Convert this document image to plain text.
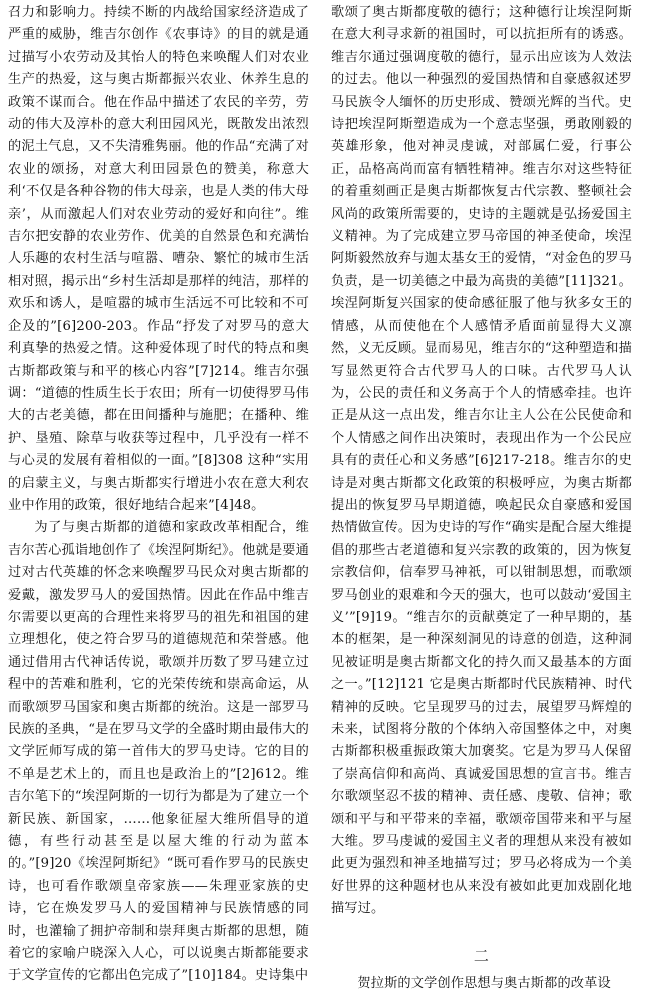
召力和影响力。持续不断的内战给国家经济造成了严重的威胁，维吉尔创作《农事诗》的目的就是通过描写小农劳动及其怡人的特色来唤醒人们对农业生产的热爱，这与奥古斯都振兴农业、休养生息的政策不谋而合。他在作品中描述了农民的辛劳，劳动的伟大及淳朴的意大利田园风光，既散发出浓烈的泥土气息，又不失清雅隽丽。他的作品“充满了对农业的颂扬，对意大利田园景色的赞美，称意大利‘不仅是各种谷物的伟大母亲，也是人类的伟大母亲’，从而激起人们对农业劳动的爱好和向往”。维吉尔把安静的农业劳作、优美的自然景色和充满怡人乐趣的农村生活与喧嚣、嘈杂、繁忙的城市生活相对照，揭示出“乡村生活却是那样的纯洁，那样的欢乐和诱人，是喧嚣的城市生活远不可比较和不可企及的”[6]200-203。作品“抒发了对罗马的意大利真挚的热爱之情。这种爱体现了时代的特点和奥古斯都政策与和平的核心内容”[7]214。维吉尔强调：“道德的性质生长于农田；所有一切使得罗马伟大的古老美德，都在田间播种与施肥；在播种、维护、垦殖、除草与收获等过程中，几乎没有一样不与心灵的发展有着相似的一面。”[8]308 这种“实用的启蒙主义，与奥古斯都实行增进小农在意大利农业中作用的政策，很好地结合起来”[4]48。

为了与奥古斯都的道德和家政改革相配合，维吉尔苦心孤诣地创作了《埃涅阿斯纪》。他就是要通过对古代英雄的怀念来唤醒罗马民众对奥古斯都的爱戴，激发罗马人的爱国热情。因此在作品中维吉尔需要以更高的合理性来将罗马的祖先和祖国的建立理想化，使之符合罗马的道德规范和荣誉感。他通过借用古代神话传说，歌颂并历数了罗马建立过程中的苦难和胜利，它的光荣传统和崇高命运，从而歌颂罗马国家和奥古斯都的统治。这是一部罗马民族的圣典，“是在罗马文学的全盛时期由最伟大的文学匠师写成的第一首伟大的罗马史诗。它的目的不单是艺术上的，而且也是政治上的”[2]612。维吉尔笔下的“埃涅阿斯的一切行为都是为了建立一个新民族、新国家，……他象征屋大维所倡导的道德，有些行动甚至是以屋大维的行动为蓝本的。”[9]20《埃涅阿斯纪》“既可看作罗马的民族史诗，也可看作歌颂皇帝家族——朱理亚家族的史诗，它在焕发罗马人的爱国精神与民族情感的同时，也灌输了拥护帝制和崇拜奥古斯都的思想，随着它的家喻户晓深入人心，可以说奥古斯都能要求于文学宣传的它都出色完成了”[10]184。史诗集中

歌颂了奥古斯都度敬的德行；这种德行让埃涅阿斯在意大利寻求新的祖国时，可以抗拒所有的诱惑。维吉尔通过强调度敬的德行，显示出应该为人效法的过去。他以一种强烈的爱国热情和自豪感叙述罗马民族令人缅怀的历史形成、赞颂光辉的当代。史诗把埃涅阿斯塑造成为一个意志坚强，勇敢刚毅的英雄形象，他对神灵虔诚，对部属仁爱，行事公正，品格高尚而富有牺牲精神。维吉尔对这些特征的着重刻画正是奥古斯都恢复古代宗教、整顿社会风尚的政策所需要的，史诗的主题就是弘扬爱国主义精神。为了完成建立罗马帝国的神圣使命，埃涅阿斯毅然放弃与迦太基女王的爱情，“对金色的罗马负责，是一切美德之中最为高贵的美德”[11]321。埃涅阿斯复兴国家的使命感征服了他与狄多女王的情感，从而使他在个人感情矛盾面前显得大义凛然，义无反顾。显而易见，维吉尔的“这种塑造和描写显然更符合古代罗马人的口味。古代罗马人认为，公民的责任和义务高于个人的情感牵挂。也许正是从这一点出发，维吉尔让主人公在公民使命和个人情感之间作出决策时，表现出作为一个公民应具有的责任心和义务感”[6]217-218。维吉尔的史诗是对奥古斯都文化政策的积极呼应，为奥古斯都提出的恢复罗马早期道德，唤起民众自豪感和爱国热情做宣传。因为史诗的写作“确实是配合屋大维提倡的那些古老道德和复兴宗教的政策的，因为恢复宗教信仰，信奉罗马神祇，可以钳制思想，而歌颂罗马创业的艰难和今天的强大，也可以鼓动‘爱国主义’”[9]19。“维吉尔的贡献奠定了一种早期的，基本的框架，是一种深刻洞见的诗意的创造，这种洞见被证明是奥古斯都文化的持久而又最基本的方面之一。”[12]121 它是奥古斯都时代民族精神、时代精神的反映。它呈现罗马的过去，展望罗马辉煌的未来，试图将分散的个体纳入帝国整体之中，对奥古斯都积极重振政策大加褒奖。它是为罗马人保留了崇高信仰和高尚、真诚爱国思想的宣言书。维吉尔歌颂坚忍不拔的精神、责任感、虔敬、信神；歌颂和平与和平带来的幸福，歌颂帝国带来和平与屋大维。罗马虔诚的爱国主义者的理想从来没有被如此更为强烈和神圣地描写过；罗马必将成为一个美好世界的这种题材也从来没有被如此更加戏剧化地描写过。

二

贺拉斯的文学创作思想与奥古斯都的改革设
